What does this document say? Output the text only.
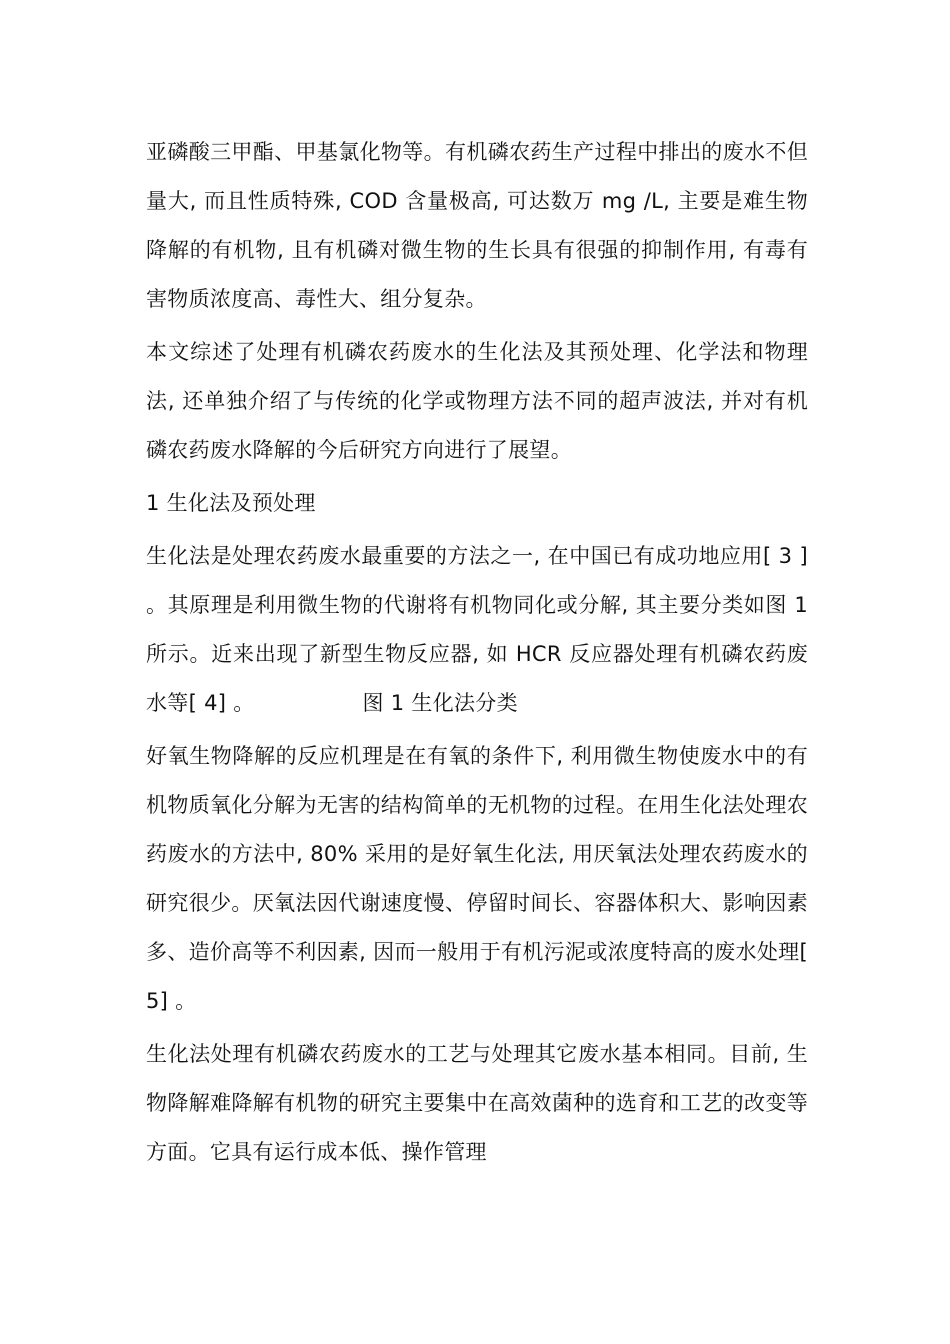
亚磷酸三甲酯、甲基氯化物等。有机磷农药生产过程中排出的废水不但量大, 而且性质特殊, COD 含量极高, 可达数万 mg /L, 主要是难生物降解的有机物, 且有机磷对微生物的生长具有很强的抑制作用, 有毒有害物质浓度高、毒性大、组分复杂。

本文综述了处理有机磷农药废水的生化法及其预处理、化学法和物理法, 还单独介绍了与传统的化学或物理方法不同的超声波法, 并对有机磷农药废水降解的今后研究方向进行了展望。

1 生化法及预处理

生化法是处理农药废水最重要的方法之一, 在中国已有成功地应用[ 3 ] 。其原理是利用微生物的代谢将有机物同化或分解, 其主要分类如图 1 所示。近来出现了新型生物反应器, 如 HCR 反应器处理有机磷农药废水等[ 4] 。	图 1 生化法分类

好氧生物降解的反应机理是在有氧的条件下, 利用微生物使废水中的有机物质氧化分解为无害的结构简单的无机物的过程。在用生化法处理农药废水的方法中, 80% 采用的是好氧生化法, 用厌氧法处理农药废水的研究很少。厌氧法因代谢速度慢、停留时间长、容器体积大、影响因素多、造价高等不利因素, 因而一般用于有机污泥或浓度特高的废水处理[ 5] 。

生化法处理有机磷农药废水的工艺与处理其它废水基本相同。目前, 生物降解难降解有机物的研究主要集中在高效菌种的选育和工艺的改变等方面。它具有运行成本低、操作管理
